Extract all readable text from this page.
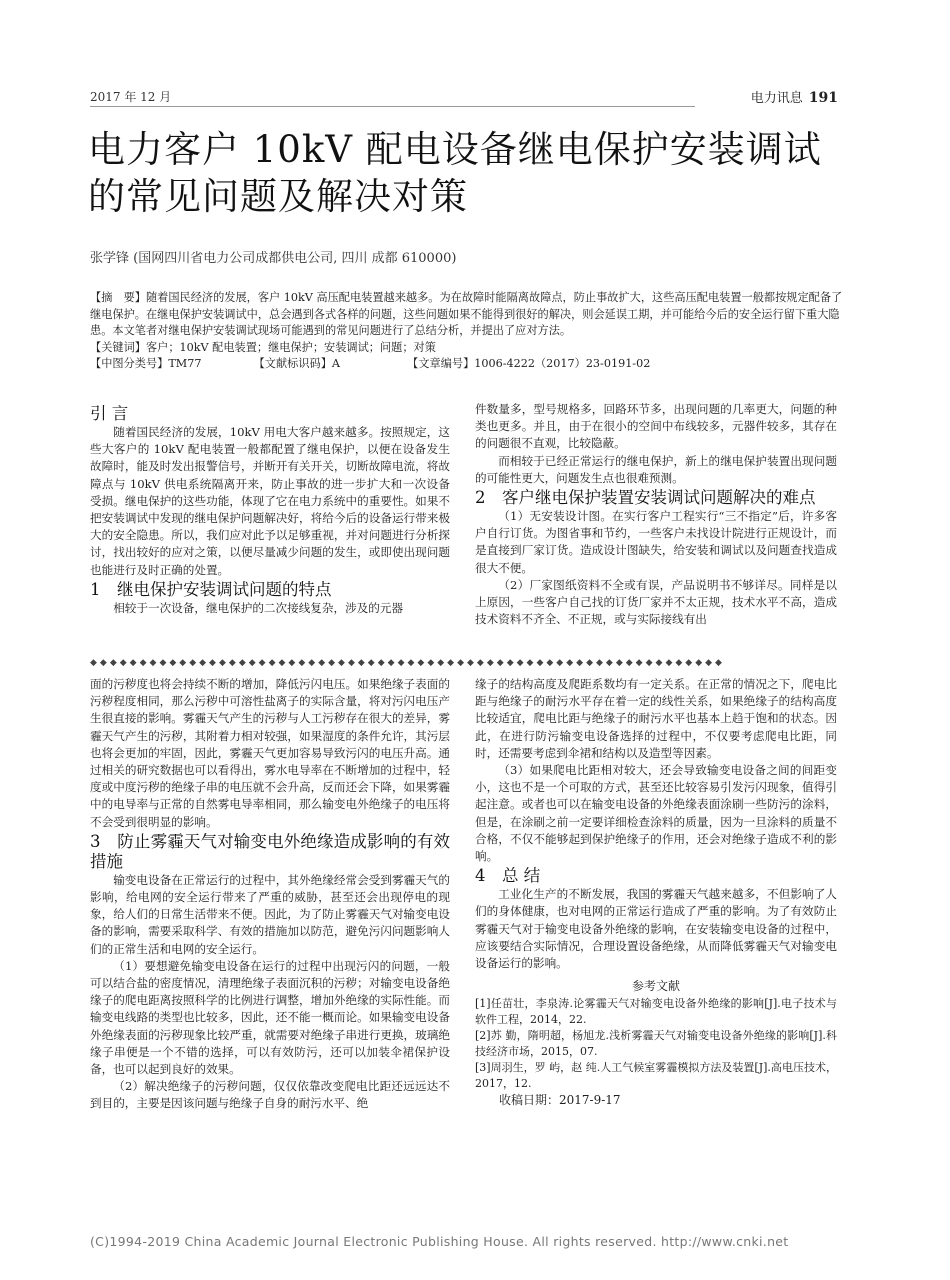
2017 年 12 月	电力讯息 191
电力客户 10kV 配电设备继电保护安装调试的常见问题及解决对策
张学锋 (国网四川省电力公司成都供电公司, 四川 成都 610000)

【摘　要】随着国民经济的发展，客户 10kV 高压配电装置越来越多。为在故障时能隔离故障点，防止事故扩大，这些高压配电装置一般都按规定配备了继电保护。在继电保护安装调试中，总会遇到各式各样的问题，这些问题如果不能得到很好的解决，则会延误工期，并可能给今后的安全运行留下重大隐患。本文笔者对继电保护安装调试现场可能遇到的常见问题进行了总结分析，并提出了应对方法。

【关键词】客户；10kV 配电装置；继电保护；安装调试；问题；对策

【中图分类号】TM77	【文献标识码】A	【文章编号】1006-4222（2017）23-0191-02

引 言

随着国民经济的发展，10kV 用电大客户越来越多。按照规定，这些大客户的 10kV 配电装置一般都配置了继电保护，以便在设备发生故障时，能及时发出报警信号，并断开有关开关，切断故障电流，将故障点与 10kV 供电系统隔离开来，防止事故的进一步扩大和一次设备受损。继电保护的这些功能，体现了它在电力系统中的重要性。如果不把安装调试中发现的继电保护问题解决好，将给今后的设备运行带来极大的安全隐患。所以，我们应对此予以足够重视，并对问题进行分析探讨，找出较好的应对之策，以便尽量减少问题的发生，或即使出现问题也能进行及时正确的处置。

1　继电保护安装调试问题的特点

相较于一次设备，继电保护的二次接线复杂，涉及的元器

件数量多，型号规格多，回路环节多，出现问题的几率更大，问题的种类也更多。并且，由于在很小的空间中布线较多，元器件较多，其存在的问题很不直观，比较隐蔽。

而相较于已经正常运行的继电保护，新上的继电保护装置出现问题的可能性更大，问题发生点也很难预测。

2　客户继电保护装置安装调试问题解决的难点

（1）无安装设计图。在实行客户工程实行“三不指定”后，许多客户自行订货。为图省事和节约，一些客户未找设计院进行正规设计，而是直接到厂家订货。造成设计图缺失，给安装和调试以及问题查找造成很大不便。

（2）厂家图纸资料不全或有误，产品说明书不够详尽。同样是以上原因，一些客户自己找的订货厂家并不太正规，技术水平不高，造成技术资料不齐全、不正规，或与实际接线有出

◆◆◆◆◆◆◆◆◆◆◆◆◆◆◆◆◆◆◆◆◆◆◆◆◆◆◆◆◆◆◆◆◆◆◆◆◆◆◆◆◆◆◆◆◆◆◆◆◆◆◆◆◆◆◆◆◆◆◆◆◆◆◆◆

面的污秽度也将会持续不断的增加，降低污闪电压。如果绝缘子表面的污秽程度相同，那么污秽中可溶性盐离子的实际含量，将对污闪电压产生很直接的影响。雾霾天气产生的污秽与人工污秽存在很大的差异，雾霾天气产生的污秽，其附着力相对较强，如果湿度的条件允许，其污层也将会更加的牢固，因此，雾霾天气更加容易导致污闪的电压升高。通过相关的研究数据也可以看得出，雾水电导率在不断增加的过程中，轻度或中度污秽的绝缘子串的电压就不会升高，反而还会下降，如果雾霾中的电导率与正常的自然雾电导率相同，那么输变电外绝缘子的电压将不会受到很明显的影响。

3　防止雾霾天气对输变电外绝缘造成影响的有效措施

输变电设备在正常运行的过程中，其外绝缘经常会受到雾霾天气的影响，给电网的安全运行带来了严重的威胁，甚至还会出现停电的现象，给人们的日常生活带来不便。因此，为了防止雾霾天气对输变电设备的影响，需要采取科学、有效的措施加以防范，避免污闪问题影响人们的正常生活和电网的安全运行。

（1）要想避免输变电设备在运行的过程中出现污闪的问题，一般可以结合盐的密度情况，清理绝缘子表面沉积的污秽；对输变电设备绝缘子的爬电距离按照科学的比例进行调整，增加外绝缘的实际性能。而输变电线路的类型也比较多，因此，还不能一概而论。如果输变电设备外绝缘表面的污秽现象比较严重，就需要对绝缘子串进行更换，玻璃绝缘子串便是一个不错的选择，可以有效防污，还可以加装伞裙保护设备，也可以起到良好的效果。

（2）解决绝缘子的污秽问题，仅仅依靠改变爬电比距还远远达不到目的，主要是因该问题与绝缘子自身的耐污水平、绝

缘子的结构高度及爬距系数均有一定关系。在正常的情况之下，爬电比距与绝缘子的耐污水平存在着一定的线性关系，如果绝缘子的结构高度比较适宜，爬电比距与绝缘子的耐污水平也基本上趋于饱和的状态。因此，在进行防污输变电设备选择的过程中，不仅要考虑爬电比距，同时，还需要考虑到伞裙和结构以及造型等因素。

（3）如果爬电比距相对较大，还会导致输变电设备之间的间距变小，这也不是一个可取的方式，甚至还比较容易引发污闪现象，值得引起注意。或者也可以在输变电设备的外绝缘表面涂刷一些防污的涂料，但是，在涂刷之前一定要详细检查涂料的质量，因为一旦涂料的质量不合格，不仅不能够起到保护绝缘子的作用，还会对绝缘子造成不利的影响。

4　总 结

工业化生产的不断发展，我国的雾霾天气越来越多，不但影响了人们的身体健康，也对电网的正常运行造成了严重的影响。为了有效防止雾霾天气对于输变电设备外绝缘的影响，在安装输变电设备的过程中，应该要结合实际情况，合理设置设备绝缘，从而降低雾霾天气对输变电设备运行的影响。

参考文献

[1]任苗壮，李泉涛.论雾霾天气对输变电设备外绝缘的影响[J].电子技术与软件工程，2014，22.

[2]苏 勤，隋明超，杨旭龙.浅析雾霾天气对输变电设备外绝缘的影响[J].科技经济市场，2015，07.

[3]周羽生，罗 屿，赵 纯.人工气候室雾霾模拟方法及装置[J].高电压技术，2017，12.

收稿日期：2017-9-17

(C)1994-2019 China Academic Journal Electronic Publishing House. All rights reserved. http://www.cnki.net
